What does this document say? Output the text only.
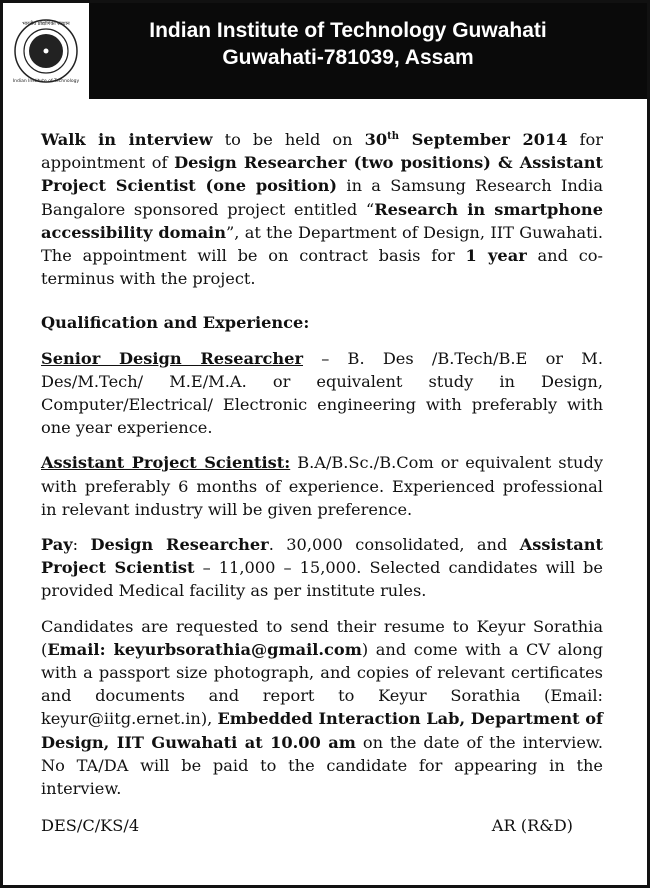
भारतीय प्रौद्योगिकी संस्थान
Indian Institute of Technology
Indian Institute of Technology Guwahati
Guwahati-781039, Assam

Walk in interview to be held on 30th September 2014 for appointment of Design Researcher (two positions) & Assistant Project Scientist (one position) in a Samsung Research India Bangalore sponsored project entitled “Research in smartphone accessibility domain”, at the Department of Design, IIT Guwahati. The appointment will be on contract basis for 1 year and co-terminus with the project.

Qualification and Experience:

Senior Design Researcher – B. Des /B.Tech/B.E or M. Des/M.Tech/ M.E/M.A. or equivalent study in Design, Computer/Electrical/ Electronic engineering with preferably with one year experience.

Assistant Project Scientist: B.A/B.Sc./B.Com or equivalent study with preferably 6 months of experience. Experienced professional in relevant industry will be given preference.

Pay: Design Researcher. 30,000 consolidated, and Assistant Project Scientist – 11,000 – 15,000. Selected candidates will be provided Medical facility as per institute rules.

Candidates are requested to send their resume to Keyur Sorathia (Email: keyurbsorathia@gmail.com) and come with a CV along with a passport size photograph, and copies of relevant certificates and documents and report to Keyur Sorathia (Email: keyur@iitg.ernet.in), Embedded Interaction Lab, Department of Design, IIT Guwahati at 10.00 am on the date of the interview. No TA/DA will be paid to the candidate for appearing in the interview.

DES/C/KS/4	AR (R&D)
